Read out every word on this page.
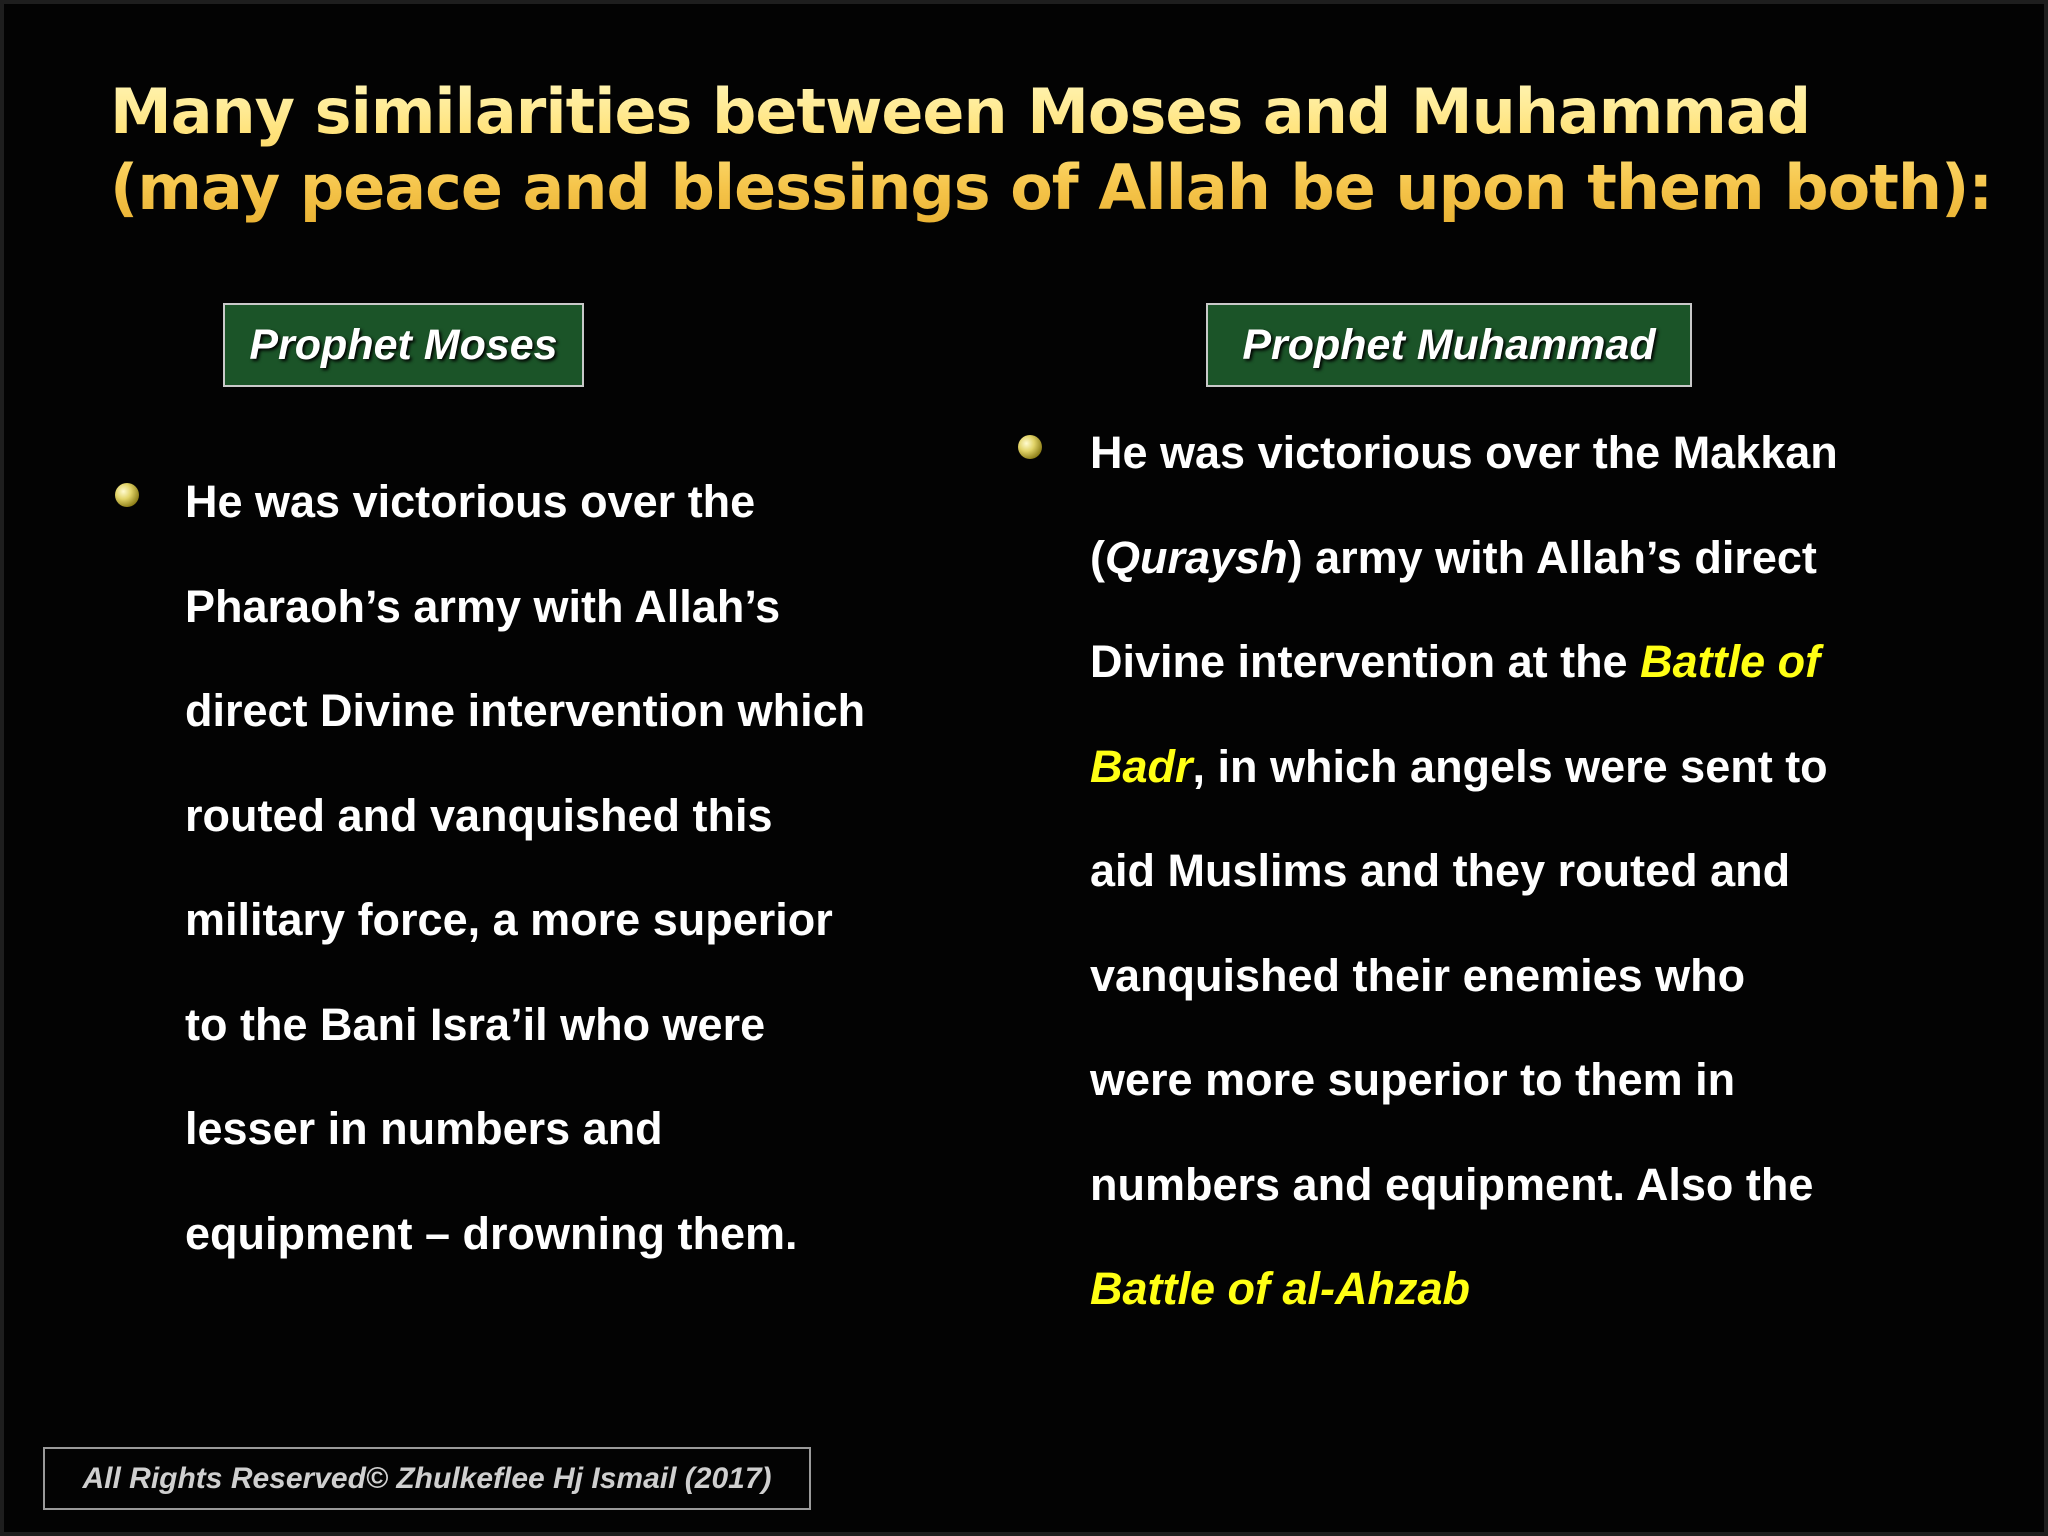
Many similarities between Moses and Muhammad
(may peace and blessings of Allah be upon them both):
Prophet Moses	Prophet Muhammad

He was victorious over the
Pharaoh’s army with Allah’s
direct Divine intervention which
routed and vanquished this
military force, a more superior
to the Bani Isra’il who were
lesser in numbers and
equipment – drowning them.

He was victorious over the Makkan
(Quraysh) army with Allah’s direct
Divine intervention at the Battle of
Badr, in which angels were sent to
aid Muslims and they routed and
vanquished their enemies who
were more superior to them in
numbers and equipment. Also the
Battle of al-Ahzab

All Rights Reserved© Zhulkeflee Hj Ismail (2017)
